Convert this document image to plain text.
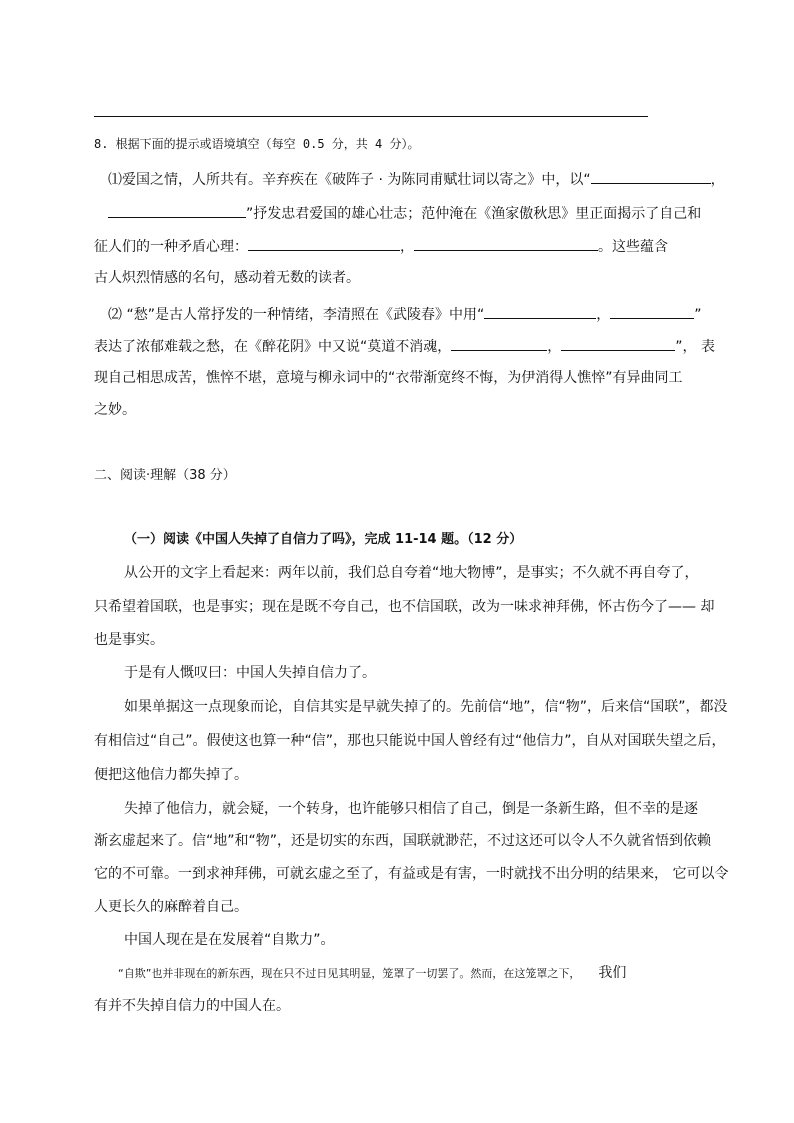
8. 根据下面的提示或语境填空（每空 0.5 分，共 4 分）。
⑴爱国之情，人所共有。辛弃疾在《破阵子 · 为陈同甫赋壮词以寄之》中，以“	，
”抒发忠君爱国的雄心壮志；范仲淹在《渔家傲秋思》里正面揭示了自己和
征人们的一种矛盾心理：	，	。这些蕴含
古人炽烈情感的名句，感动着无数的读者。
⑵ “愁”是古人常抒发的一种情绪，李清照在《武陵春》中用“	，	”
表达了浓郁难载之愁，在《醉花阴》中又说“莫道不消魂，	，	”， 表
现自己相思成苦，憔悴不堪，意境与柳永词中的“衣带渐宽终不悔，为伊消得人憔悴”有异曲同工
之妙。
二、阅读·理解（38 分）
（一）阅读《中国人失掉了自信力了吗》，完成 11-14 题。（12 分）
从公开的文字上看起来：两年以前，我们总自夸着“地大物博”，是事实；不久就不再自夸了，
只希望着国联，也是事实；现在是既不夸自己，也不信国联，改为一味求神拜佛，怀古伤今了—— 却
也是事实。
于是有人慨叹曰：中国人失掉自信力了。
如果单据这一点现象而论，自信其实是早就失掉了的。先前信“地”，信“物”，后来信“国联”，都没
有相信过“自己”。假使这也算一种“信”，那也只能说中国人曾经有过“他信力”，自从对国联失望之后，
便把这他信力都失掉了。
失掉了他信力，就会疑，一个转身，也许能够只相信了自己，倒是一条新生路，但不幸的是逐
渐玄虚起来了。信“地”和“物”，还是切实的东西，国联就渺茫，不过这还可以令人不久就省悟到依赖
它的不可靠。一到求神拜佛，可就玄虚之至了，有益或是有害，一时就找不出分明的结果来， 它可以令
人更长久的麻醉着自己。
中国人现在是在发展着“自欺力”。
“自欺”也并非现在的新东西，现在只不过日见其明显，笼罩了一切罢了。然而，在这笼罩之下， 我们
有并不失掉自信力的中国人在。
